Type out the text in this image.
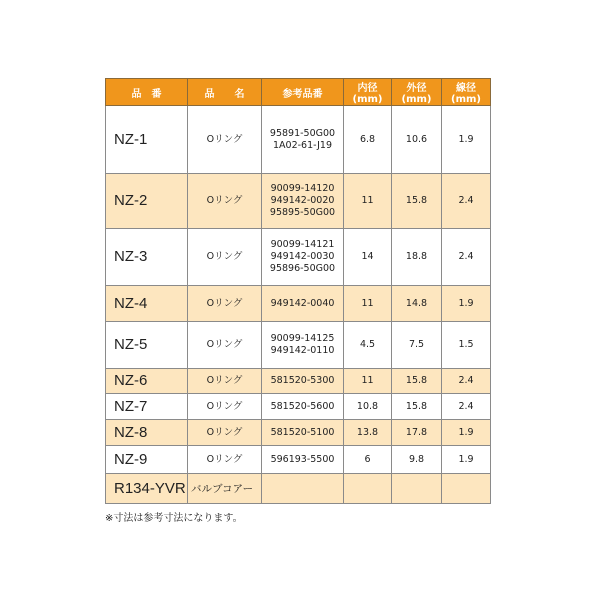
品　番	品　　名	参考品番	内径(mm)	外径(mm)	線径(mm)
NZ-1	Oリング	95891-50G00
1A02-61-J19	6.8	10.6	1.9
NZ-2	Oリング	90099-14120
949142-0020
95895-50G00	11	15.8	2.4
NZ-3	Oリング	90099-14121
949142-0030
95896-50G00	14	18.8	2.4
NZ-4	Oリング	949142-0040	11	14.8	1.9
NZ-5	Oリング	90099-14125
949142-0110	4.5	7.5	1.5
NZ-6	Oリング	581520-5300	11	15.8	2.4
NZ-7	Oリング	581520-5600	10.8	15.8	2.4
NZ-8	Oリング	581520-5100	13.8	17.8	1.9
NZ-9	Oリング	596193-5500	6	9.8	1.9
R134-YVR	バルブコアー				
※寸法は参考寸法になります。
